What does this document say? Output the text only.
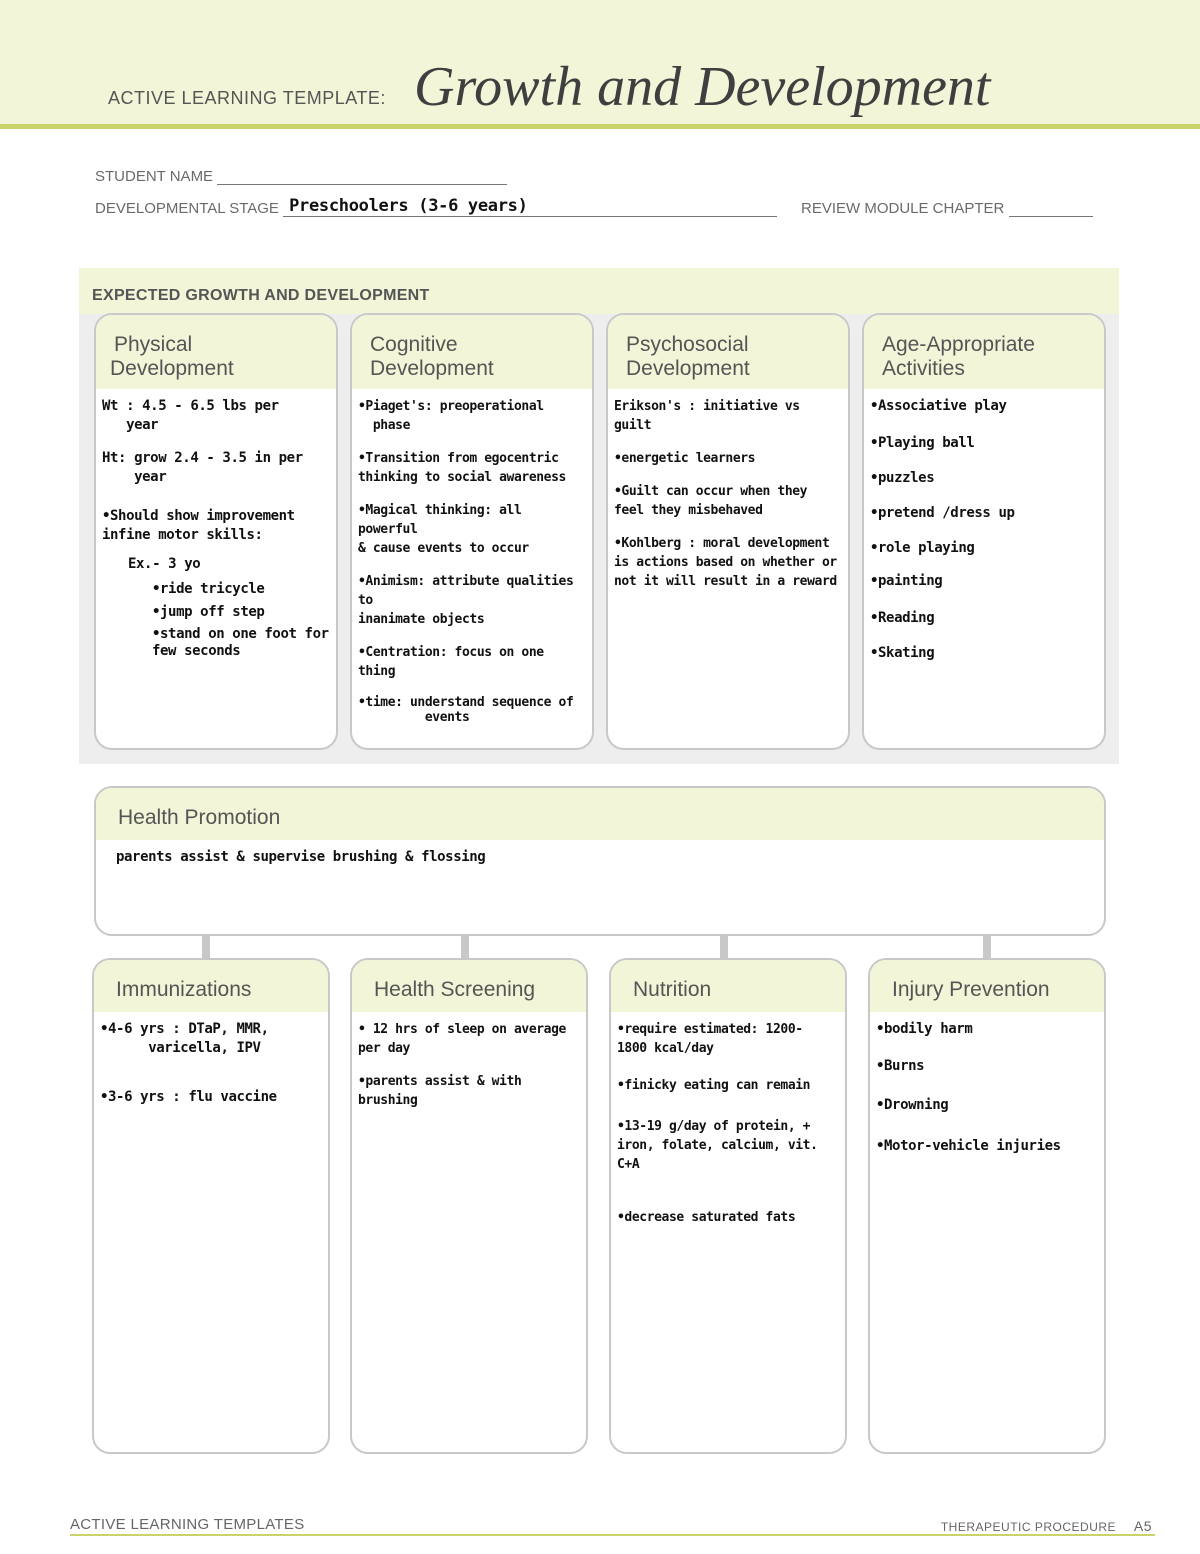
ACTIVE LEARNING TEMPLATE: Growth and Development
STUDENT NAME
DEVELOPMENTAL STAGE Preschoolers (3-6 years)	REVIEW MODULE CHAPTER
EXPECTED GROWTH AND DEVELOPMENT
Physical
Development
Wt : 4.5 - 6.5 lbs per
year
Ht: grow 2.4 - 3.5 in per
year
•Should show improvement
infine motor skills:
Ex.- 3 yo
•ride tricycle
•jump off step
•stand on one foot for
few seconds
Cognitive
Development
•Piaget's: preoperational
phase
•Transition from egocentric
thinking to social awareness
•Magical thinking: all powerful
& cause events to occur
•Animism: attribute qualities to
inanimate objects
•Centration: focus on one thing
•time: understand sequence of
events
Psychosocial
Development
Erikson's : initiative vs guilt
•energetic learners
•Guilt can occur when they
feel they misbehaved
•Kohlberg : moral development
is actions based on whether or
not it will result in a reward
Age-Appropriate
Activities
•Associative play
•Playing ball
•puzzles
•pretend /dress up
•role playing
•painting
•Reading
•Skating
Health Promotion
parents assist & supervise brushing & flossing
Immunizations
•4-6 yrs : DTaP, MMR,
varicella, IPV
•3-6 yrs : flu vaccine
Health Screening
• 12 hrs of sleep on average
per day
•parents assist & with
brushing
Nutrition
•require estimated: 1200-
1800 kcal/day
•finicky eating can remain
•13-19 g/day of protein, +
iron, folate, calcium, vit. C+A
•decrease saturated fats
Injury Prevention
•bodily harm
•Burns
•Drowning
•Motor-vehicle injuries
ACTIVE LEARNING TEMPLATES	THERAPEUTIC PROCEDURE A5
